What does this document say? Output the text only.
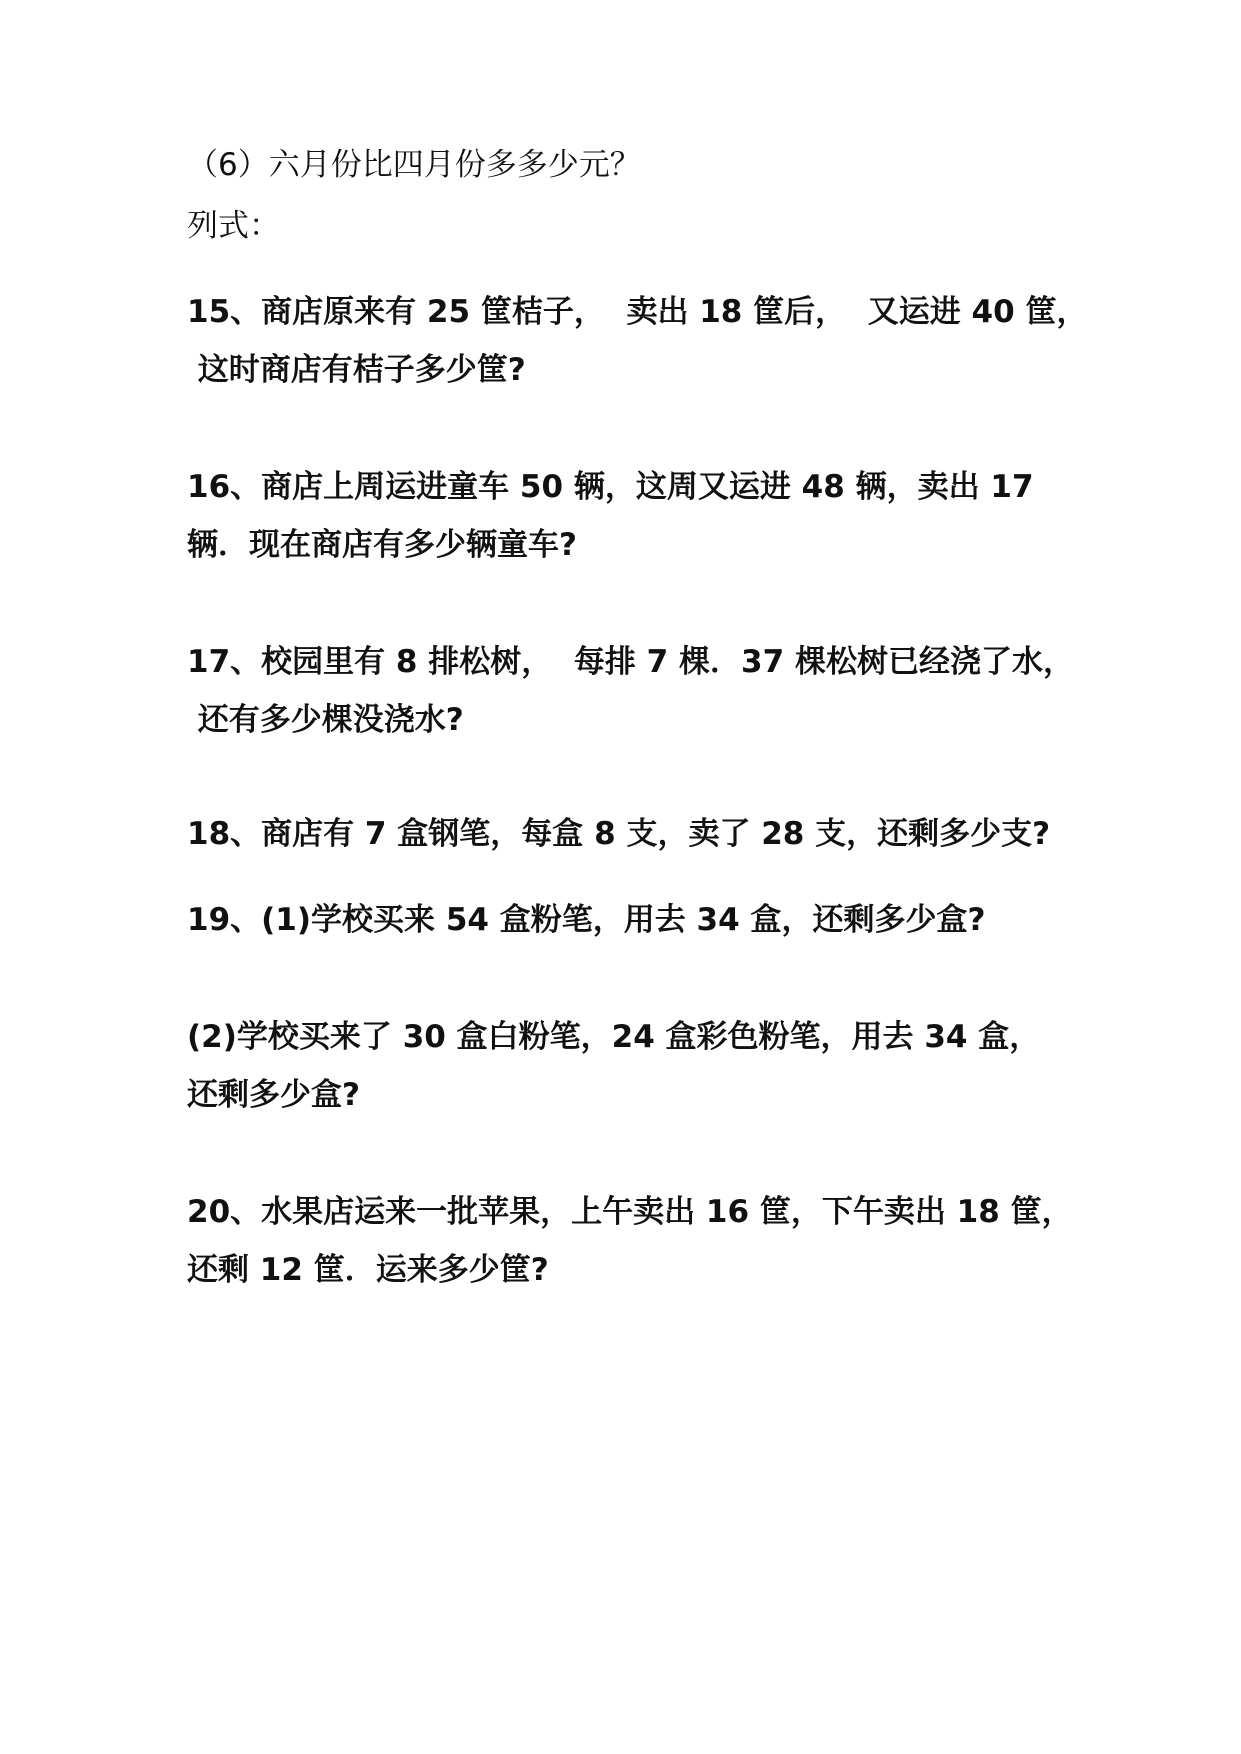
（6）六月份比四月份多多少元？
列式：
15、商店原来有 25 筐桔子，  卖出 18 筐后，  又运进 40 筐，
这时商店有桔子多少筐?
16、商店上周运进童车 50 辆，这周又运进 48 辆，卖出 17
辆．现在商店有多少辆童车?
17、校园里有 8 排松树，  每排 7 棵．37 棵松树已经浇了水，
还有多少棵没浇水?
18、商店有 7 盒钢笔，每盒 8 支，卖了 28 支，还剩多少支?
19、(1)学校买来 54 盒粉笔，用去 34 盒，还剩多少盒?
(2)学校买来了 30 盒白粉笔，24 盒彩色粉笔，用去 34 盒，
还剩多少盒?
20、水果店运来一批苹果，上午卖出 16 筐，下午卖出 18 筐，
还剩 12 筐．运来多少筐?
